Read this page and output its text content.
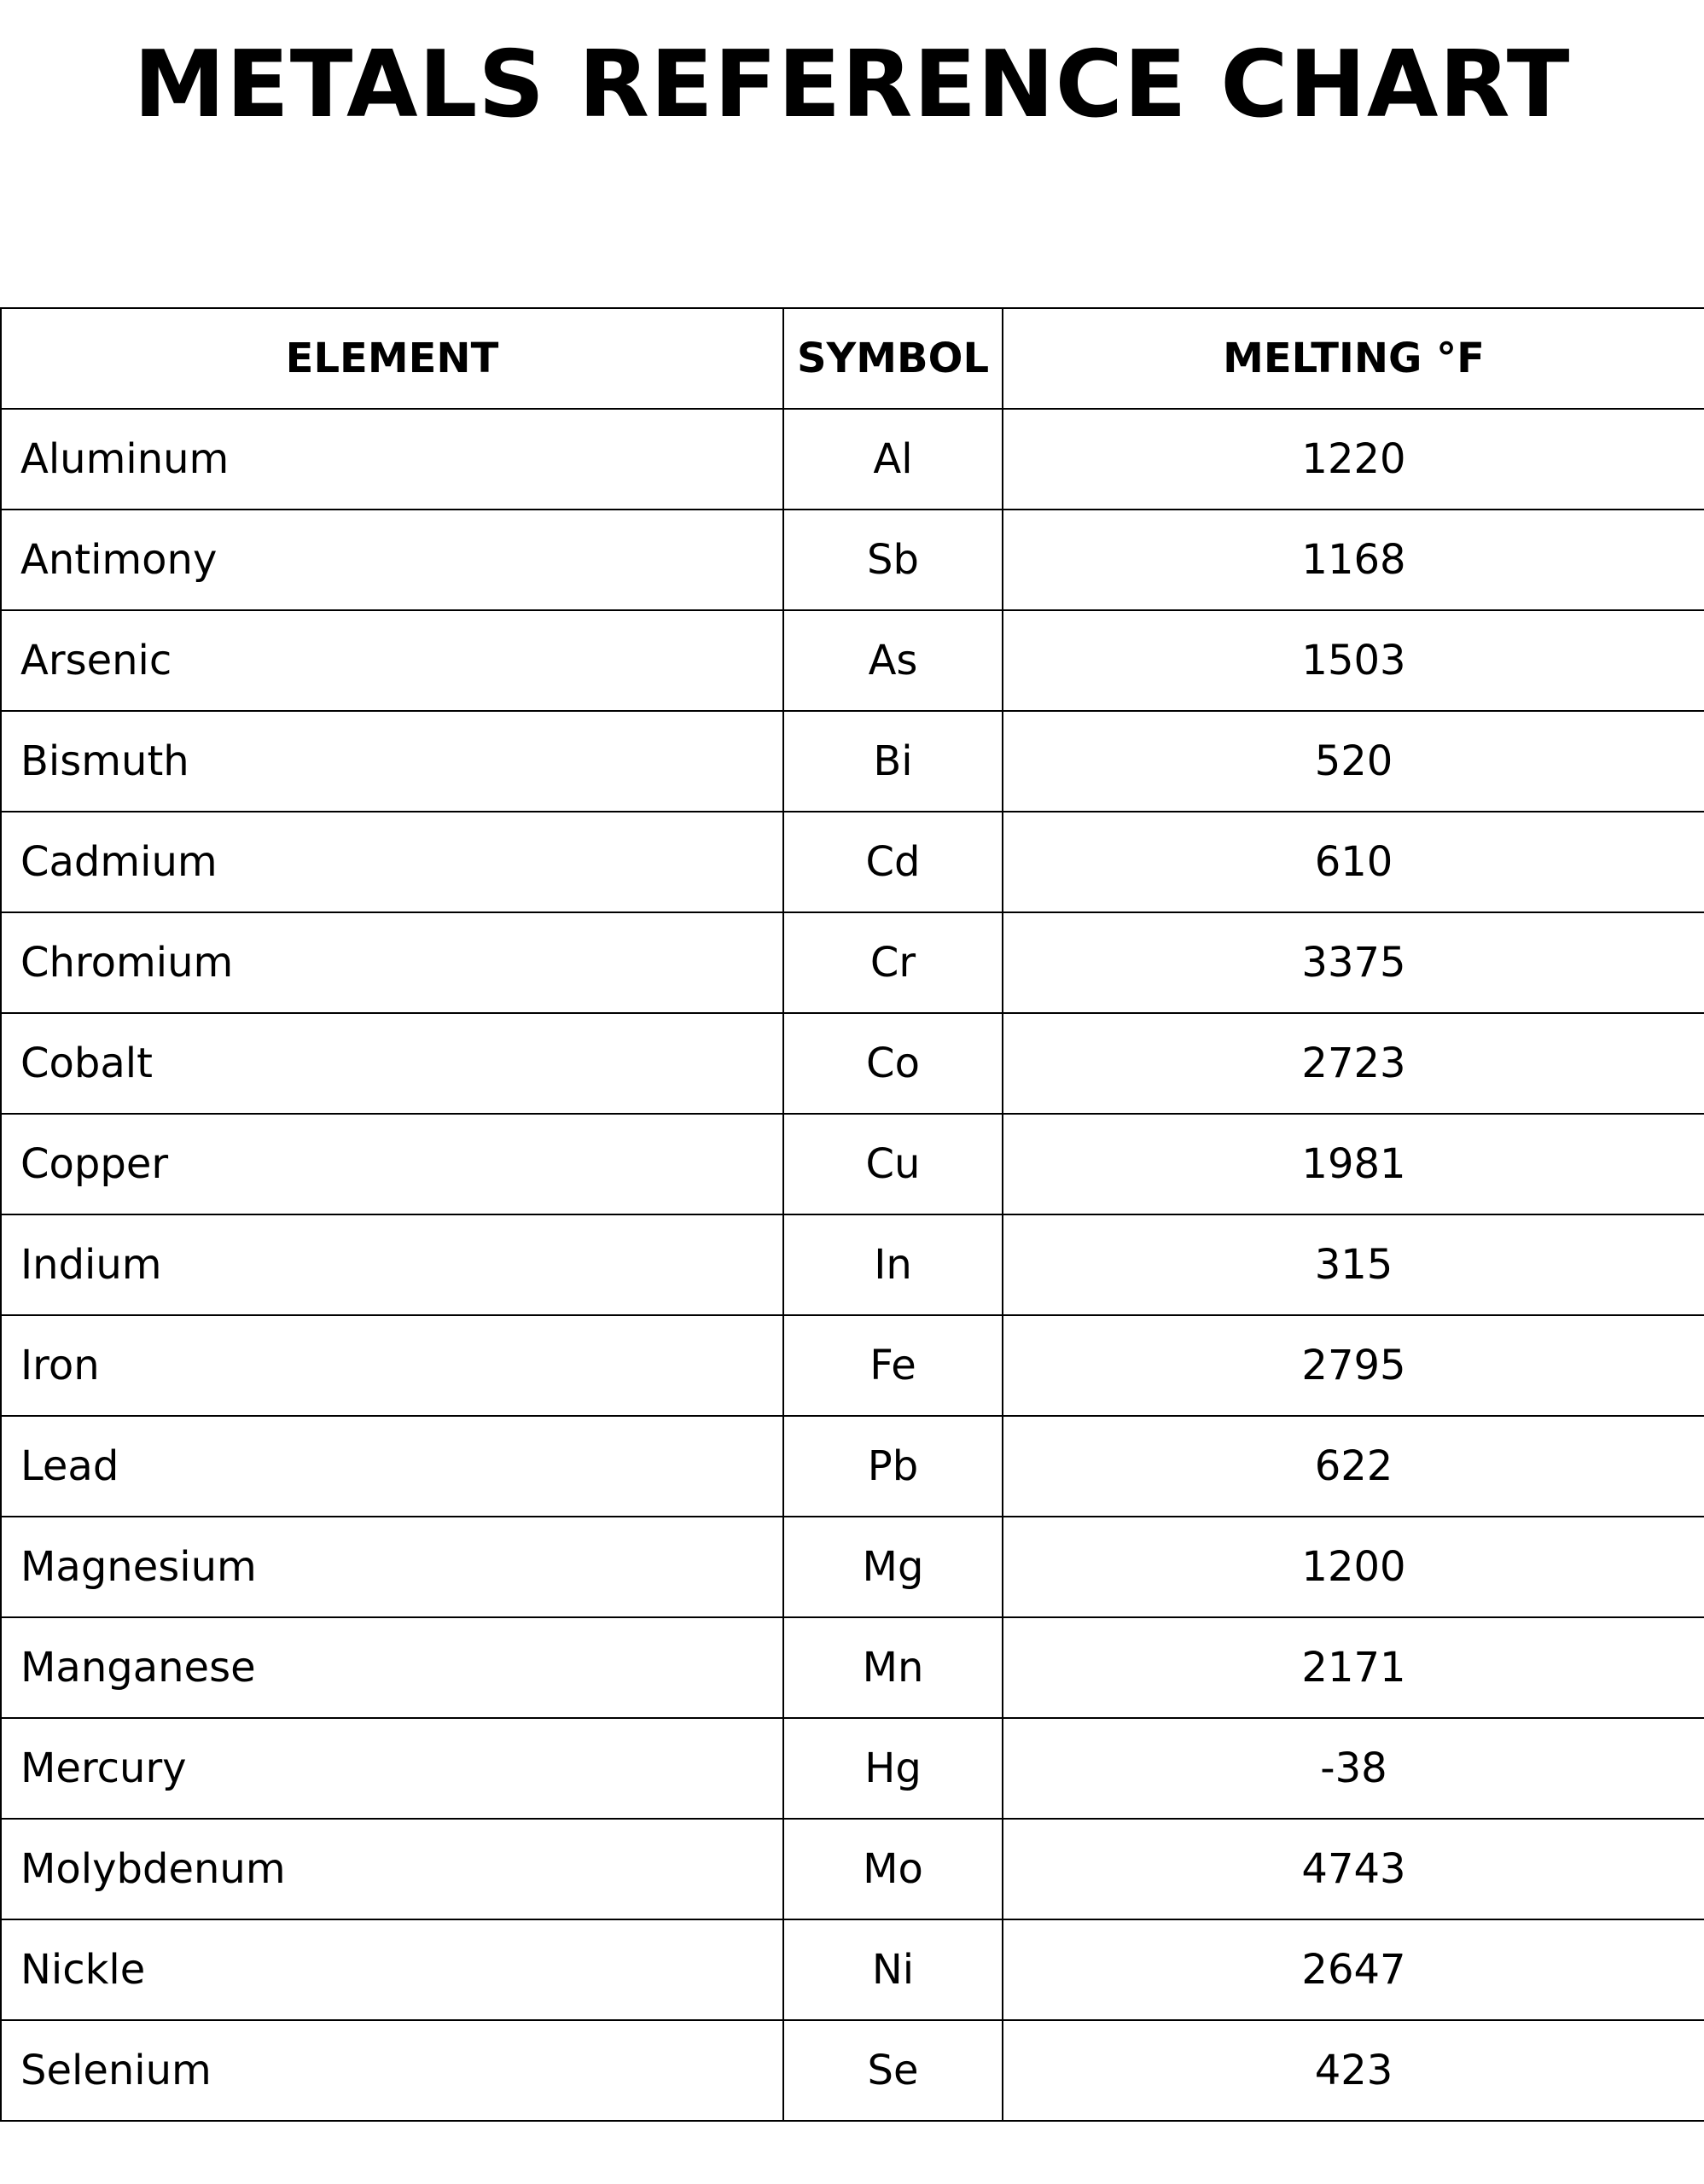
METALS REFERENCE CHART
ELEMENT	SYMBOL	MELTING °F
Aluminum	Al	1220
Antimony	Sb	1168
Arsenic	As	1503
Bismuth	Bi	520
Cadmium	Cd	610
Chromium	Cr	3375
Cobalt	Co	2723
Copper	Cu	1981
Indium	In	315
Iron	Fe	2795
Lead	Pb	622
Magnesium	Mg	1200
Manganese	Mn	2171
Mercury	Hg	-38
Molybdenum	Mo	4743
Nickle	Ni	2647
Selenium	Se	423
